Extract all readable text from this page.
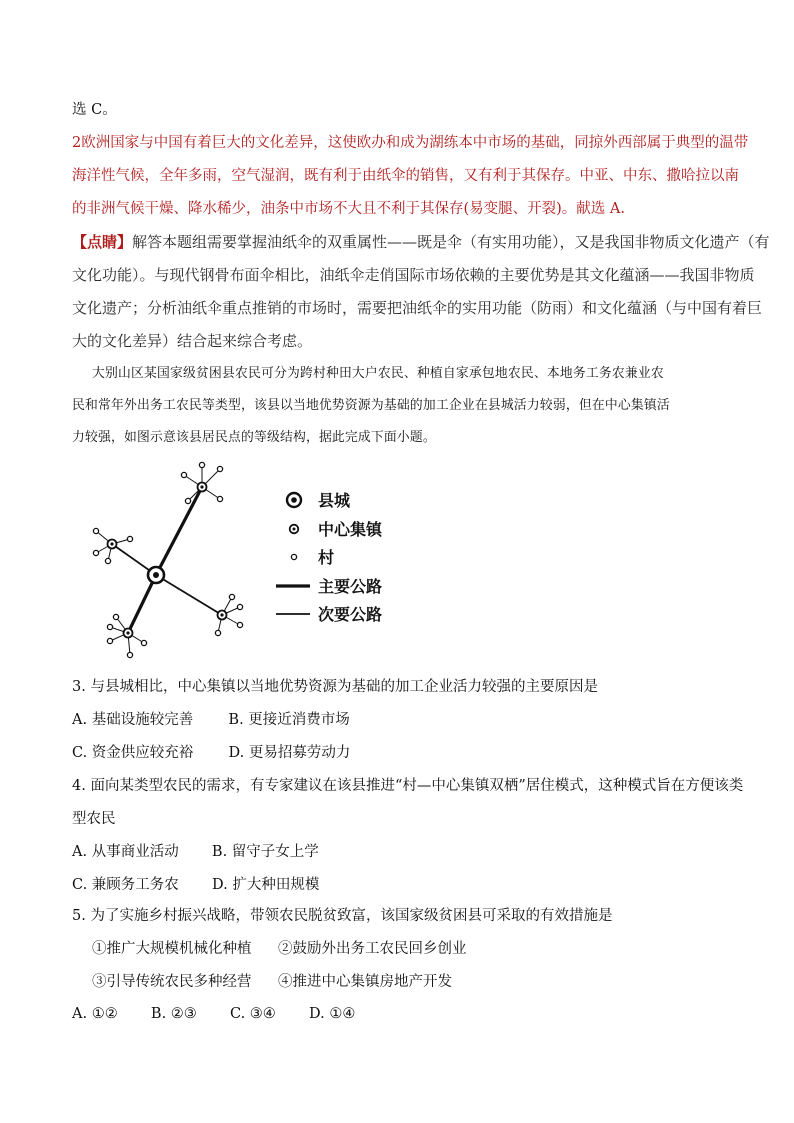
选 C。
2欧洲国家与中国有着巨大的文化差异，这使欧办和成为湖练本中市场的基础，同掠外西部属于典型的温带
海洋性气候，全年多雨，空气湿润，既有利于由纸伞的销售，又有利于其保存。中亚、中东、撒哈拉以南
的非洲气候干燥、降水稀少，油条中市场不大且不利于其保存(易变腿、开裂)。献选 A.
【点睛】解答本题组需要掌握油纸伞的双重属性——既是伞（有实用功能），又是我国非物质文化遗产（有
文化功能）。与现代钢骨布面伞相比，油纸伞走俏国际市场依赖的主要优势是其文化蕴涵——我国非物质
文化遗产；分析油纸伞重点推销的市场时，需要把油纸伞的实用功能（防雨）和文化蕴涵（与中国有着巨
大的文化差异）结合起来综合考虑。
大别山区某国家级贫困县农民可分为跨村种田大户农民、种植自家承包地农民、本地务工务农兼业农
民和常年外出务工农民等类型，该县以当地优势资源为基础的加工企业在县城活力较弱，但在中心集镇活
力较强，如图示意该县居民点的等级结构，据此完成下面小题。
县城
中心集镇
村
主要公路
次要公路
3. 与县城相比，中心集镇以当地优势资源为基础的加工企业活力较强的主要原因是
A. 基础设施较完善 B. 更接近消费市场
C. 资金供应较充裕 D. 更易招募劳动力
4. 面向某类型农民的需求，有专家建议在该县推进“村—中心集镇双栖”居住模式，这种模式旨在方便该类
型农民
A. 从事商业活动 B. 留守子女上学
C. 兼顾务工务农 D. 扩大种田规模
5. 为了实施乡村振兴战略，带领农民脱贫致富，该国家级贫困县可采取的有效措施是
①推广大规模机械化种植 ②鼓励外出务工农民回乡创业
③引导传统农民多种经营 ④推进中心集镇房地产开发
A. ①② B. ②③ C. ③④ D. ①④
